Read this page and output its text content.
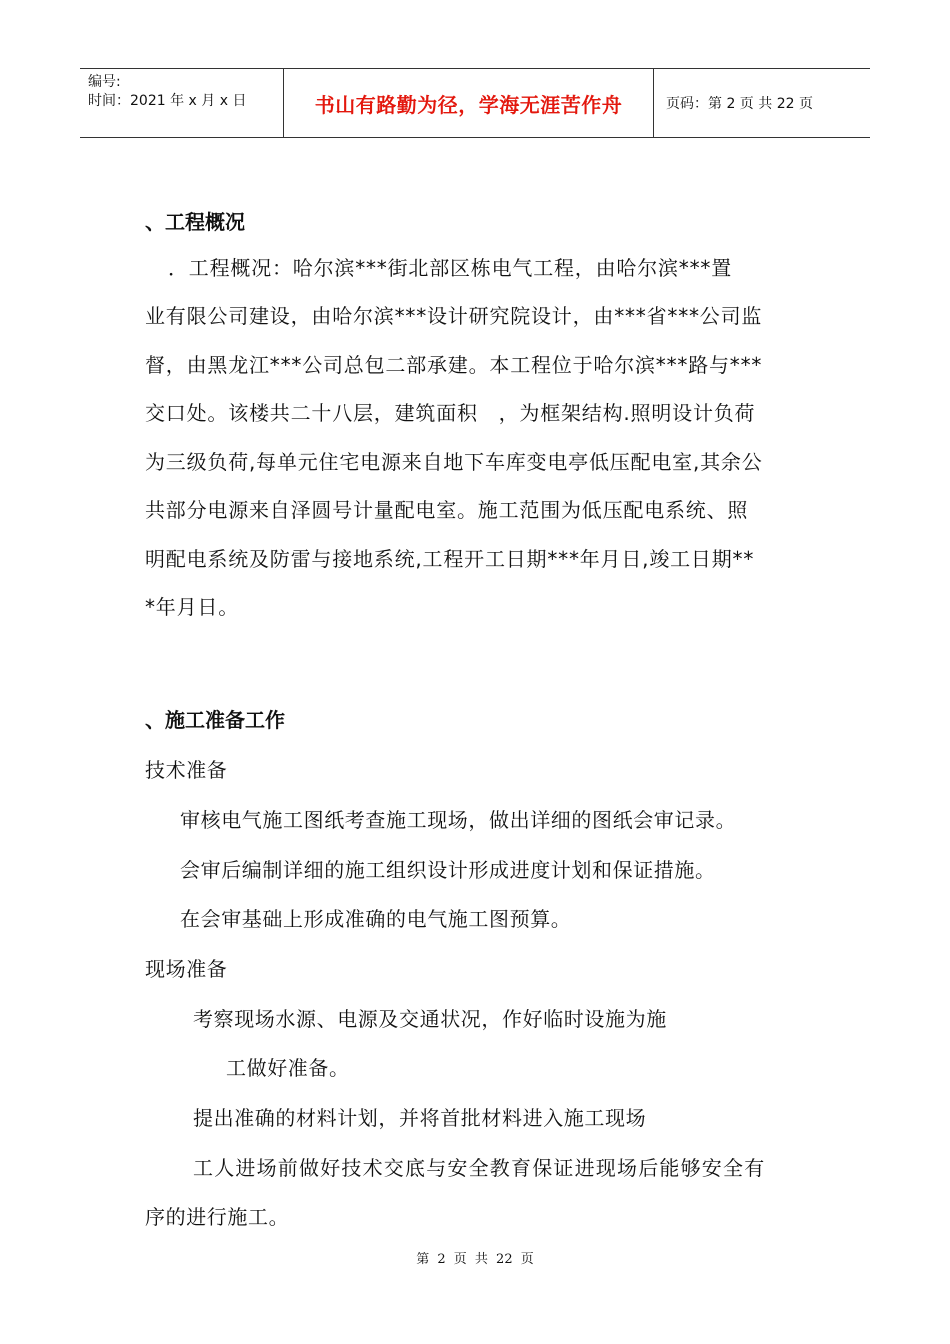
编号:
时间：2021 年 x 月 x 日	书山有路勤为径，学海无涯苦作舟	页码：第 2 页 共 22 页
、工程概况
．工程概况：哈尔滨***街北部区栋电气工程，由哈尔滨***置
业有限公司建设，由哈尔滨***设计研究院设计，由***省***公司监
督，由黑龙江***公司总包二部承建。本工程位于哈尔滨***路与***
交口处。该楼共二十八层，建筑面积　，为框架结构.照明设计负荷
为三级负荷,每单元住宅电源来自地下车库变电亭低压配电室,其余公
共部分电源来自泽圆号计量配电室。施工范围为低压配电系统、照
明配电系统及防雷与接地系统,工程开工日期***年月日,竣工日期**
*年月日。
、施工准备工作
技术准备
审核电气施工图纸考查施工现场，做出详细的图纸会审记录。
会审后编制详细的施工组织设计形成进度计划和保证措施。
在会审基础上形成准确的电气施工图预算。
现场准备
考察现场水源、电源及交通状况，作好临时设施为施
工做好准备。
提出准确的材料计划，并将首批材料进入施工现场
工人进场前做好技术交底与安全教育保证进现场后能够安全有
序的进行施工。
第 2 页 共 22 页
